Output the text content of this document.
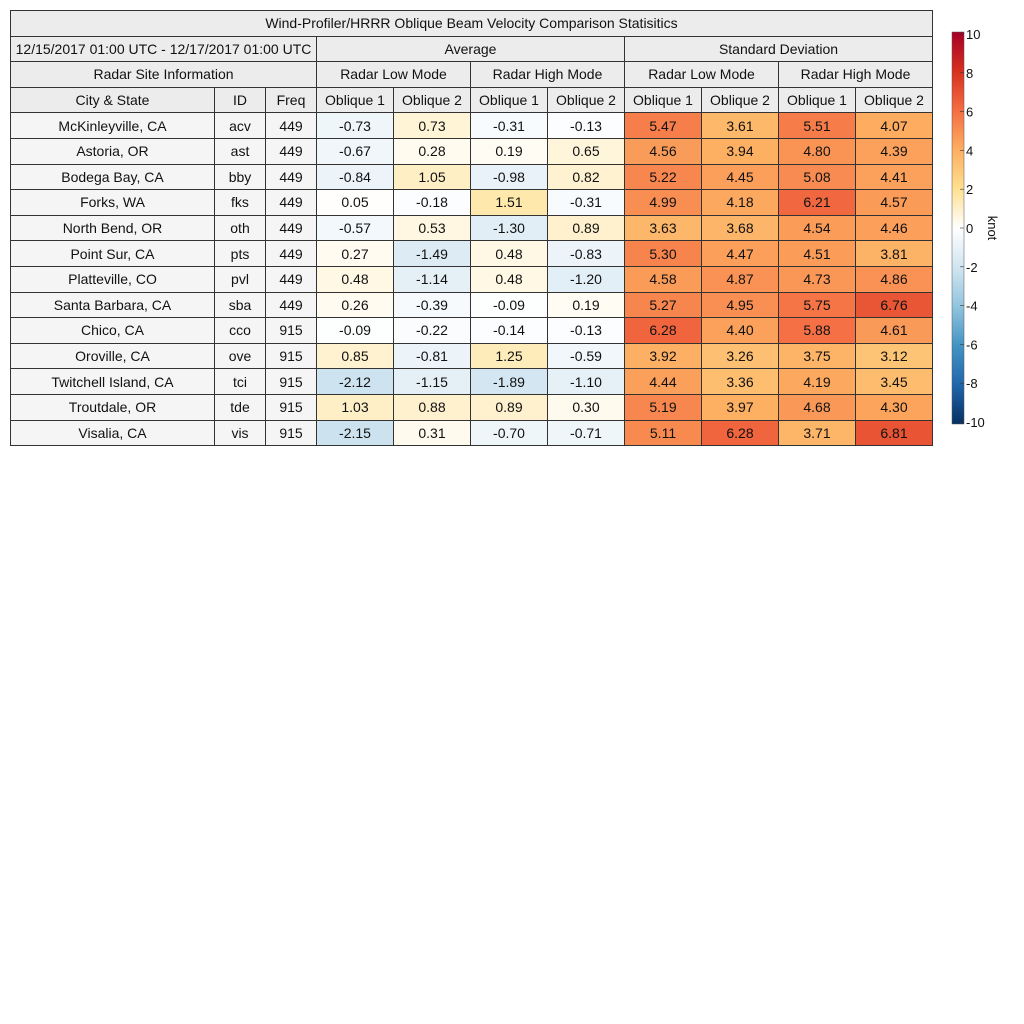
Wind-Profiler/HRRR Oblique Beam Velocity Comparison Statisitics										
12/15/2017 01:00 UTC - 12/17/2017 01:00 UTC			Average				Standard Deviation			
Radar Site Information			Radar Low Mode		Radar High Mode		Radar Low Mode		Radar High Mode	
City & State	ID	Freq	Oblique 1	Oblique 2	Oblique 1	Oblique 2	Oblique 1	Oblique 2	Oblique 1	Oblique 2
McKinleyville, CA	acv	449	-0.73	0.73	-0.31	-0.13	5.47	3.61	5.51	4.07
Astoria, OR	ast	449	-0.67	0.28	0.19	0.65	4.56	3.94	4.80	4.39
Bodega Bay, CA	bby	449	-0.84	1.05	-0.98	0.82	5.22	4.45	5.08	4.41
Forks, WA	fks	449	0.05	-0.18	1.51	-0.31	4.99	4.18	6.21	4.57
North Bend, OR	oth	449	-0.57	0.53	-1.30	0.89	3.63	3.68	4.54	4.46
Point Sur, CA	pts	449	0.27	-1.49	0.48	-0.83	5.30	4.47	4.51	3.81
Platteville, CO	pvl	449	0.48	-1.14	0.48	-1.20	4.58	4.87	4.73	4.86
Santa Barbara, CA	sba	449	0.26	-0.39	-0.09	0.19	5.27	4.95	5.75	6.76
Chico, CA	cco	915	-0.09	-0.22	-0.14	-0.13	6.28	4.40	5.88	4.61
Oroville, CA	ove	915	0.85	-0.81	1.25	-0.59	3.92	3.26	3.75	3.12
Twitchell Island, CA	tci	915	-2.12	-1.15	-1.89	-1.10	4.44	3.36	4.19	3.45
Troutdale, OR	tde	915	1.03	0.88	0.89	0.30	5.19	3.97	4.68	4.30
Visalia, CA	vis	915	-2.15	0.31	-0.70	-0.71	5.11	6.28	3.71	6.81
10
8
6
4
2
0
-2
-4
-6
-8
-10
knot
